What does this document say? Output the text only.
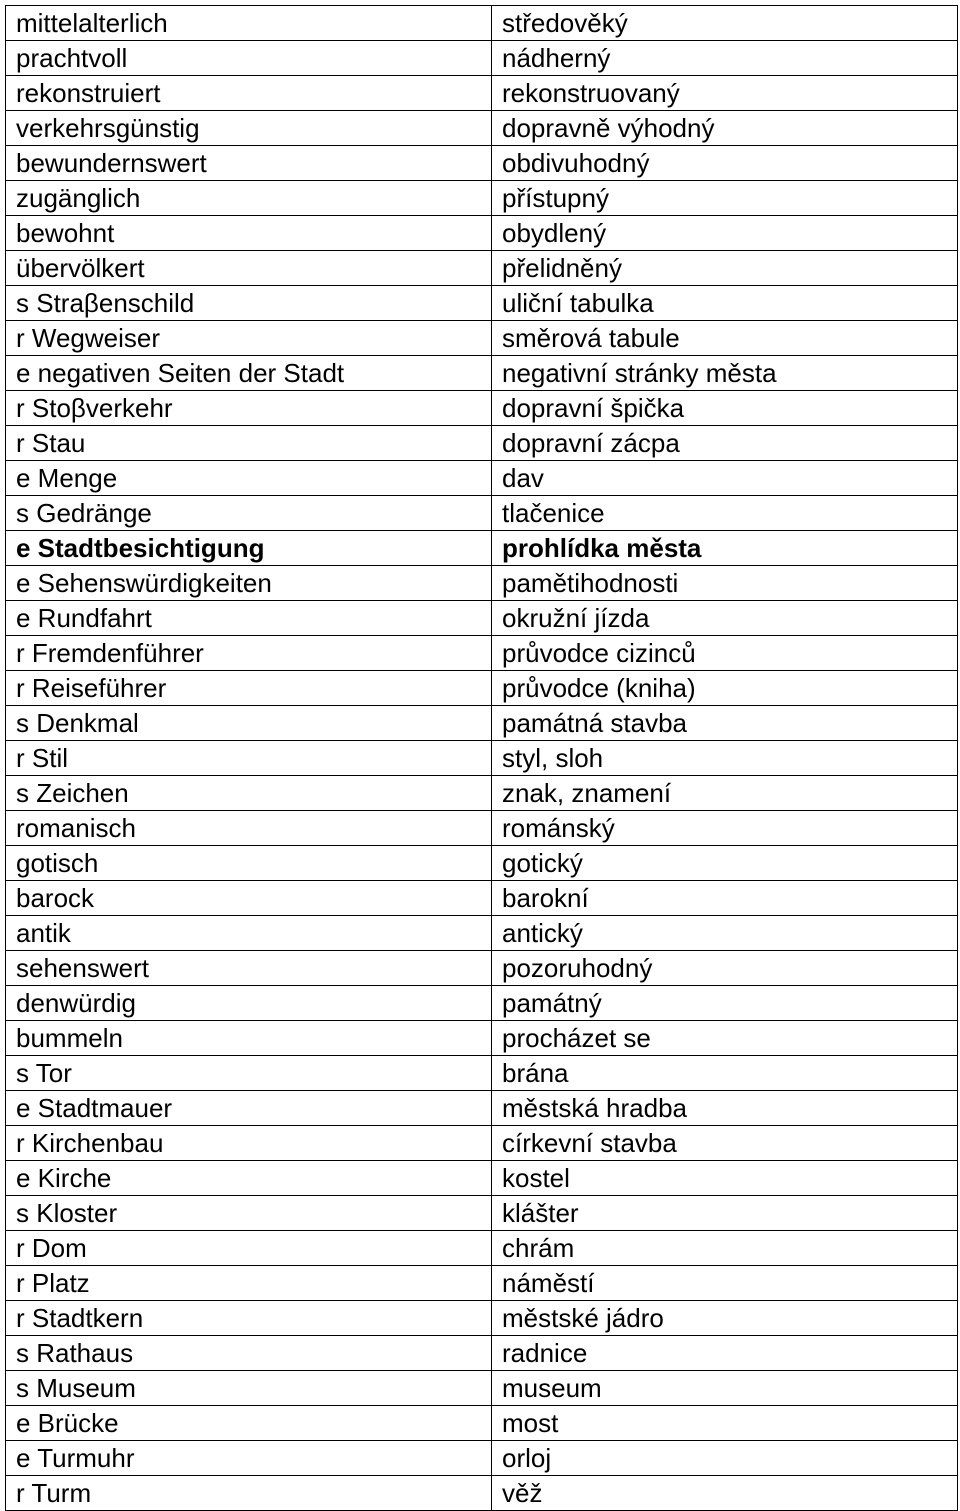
mittelalterlich	středověký
prachtvoll	nádherný
rekonstruiert	rekonstruovaný
verkehrsgünstig	dopravně výhodný
bewundernswert	obdivuhodný
zugänglich	přístupný
bewohnt	obydlený
übervölkert	přelidněný
s Straβenschild	uliční tabulka
r Wegweiser	směrová tabule
e negativen Seiten der Stadt	negativní stránky města
r Stoβverkehr	dopravní špička
r Stau	dopravní zácpa
e Menge	dav
s Gedränge	tlačenice
e Stadtbesichtigung	prohlídka města
e Sehenswürdigkeiten	pamětihodnosti
e Rundfahrt	okružní jízda
r Fremdenführer	průvodce cizinců
r Reiseführer	průvodce (kniha)
s Denkmal	památná stavba
r Stil	styl, sloh
s Zeichen	znak, znamení
romanisch	románský
gotisch	gotický
barock	barokní
antik	antický
sehenswert	pozoruhodný
denwürdig	památný
bummeln	procházet se
s Tor	brána
e Stadtmauer	městská hradba
r Kirchenbau	církevní stavba
e Kirche	kostel
s Kloster	klášter
r Dom	chrám
r Platz	náměstí
r Stadtkern	městské jádro
s Rathaus	radnice
s Museum	museum
e Brücke	most
e Turmuhr	orloj
r Turm	věž
